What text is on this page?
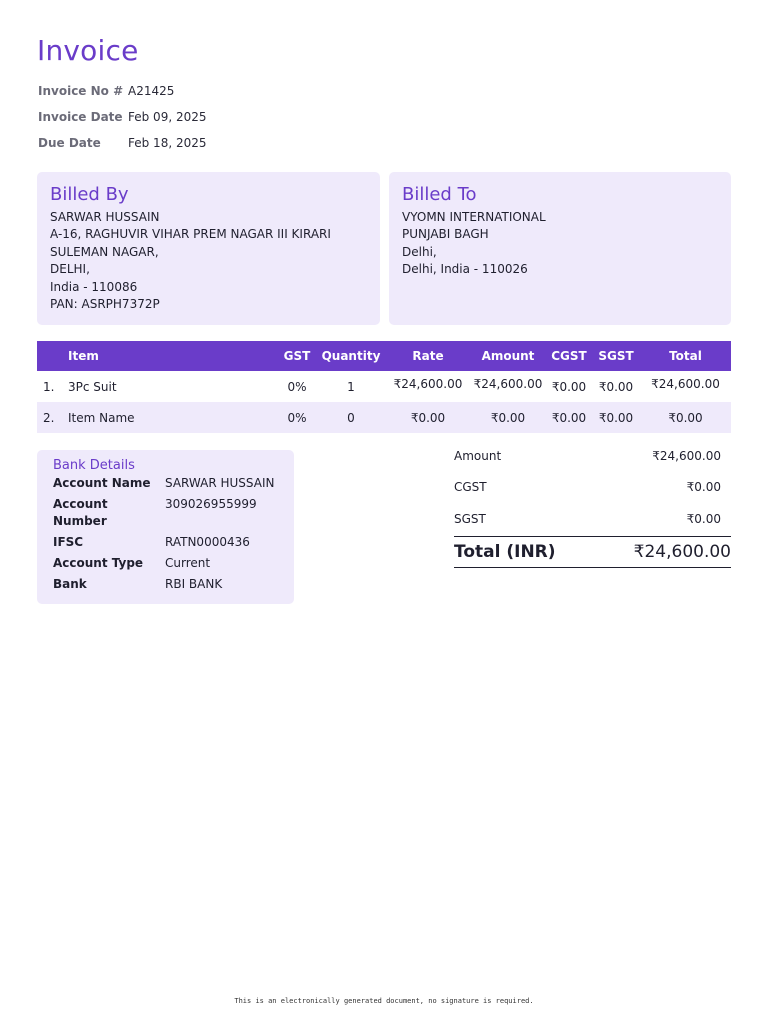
Invoice
Invoice No # A21425
Invoice Date Feb 09, 2025
Due Date	Feb 18, 2025
Billed By
SARWAR HUSSAIN
A-16, RAGHUVIR VIHAR PREM NAGAR III KIRARI
SULEMAN NAGAR,
DELHI,
India - 110086
PAN: ASRPH7372P
Billed To
VYOMN INTERNATIONAL
PUNJABI BAGH
Delhi,
Delhi, India - 110026
	Item	GST	Quantity	Rate	Amount	CGST	SGST	Total
1.	3Pc Suit	0%	1	₹24,600.00	₹24,600.00	₹0.00	₹0.00	₹24,600.00
2.	Item Name	0%	0	₹0.00	₹0.00	₹0.00	₹0.00	₹0.00
Bank Details
Account Name	SARWAR HUSSAIN
Account Number
309026955999
IFSC	RATN0000436
Account Type	Current
Bank	RBI BANK
Amount	₹24,600.00
CGST	₹0.00
SGST	₹0.00
Total (INR)	₹24,600.00
This is an electronically generated document, no signature is required.
